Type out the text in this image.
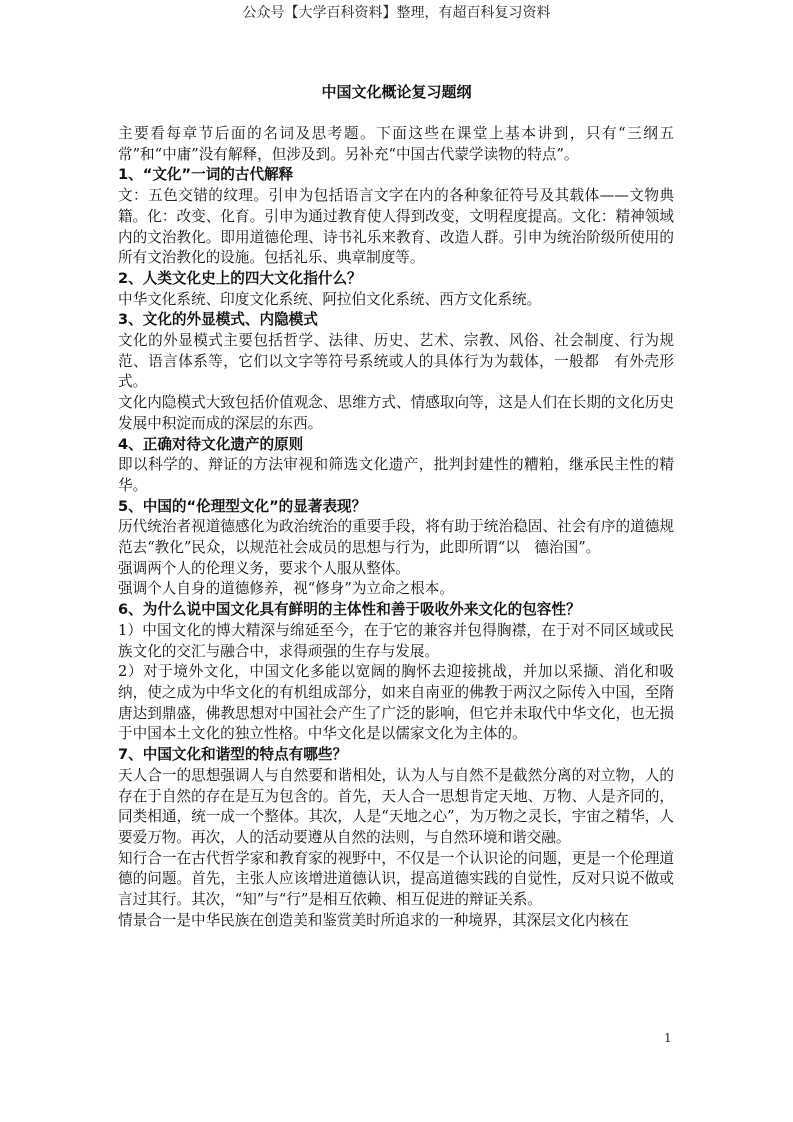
公众号【大学百科资料】整理，有超百科复习资料
中国文化概论复习题纲

主要看每章节后面的名词及思考题。下面这些在课堂上基本讲到，只有“三纲五常”和“中庸”没有解释，但涉及到。另补充“中国古代蒙学读物的特点”。

1、“文化”一词的古代解释

文：五色交错的纹理。引申为包括语言文字在内的各种象征符号及其载体——文物典籍。化：改变、化育。引申为通过教育使人得到改变，文明程度提高。文化：精神领域内的文治教化。即用道德伦理、诗书礼乐来教育、改造人群。引申为统治阶级所使用的所有文治教化的设施。包括礼乐、典章制度等。

2、人类文化史上的四大文化指什么？

中华文化系统、印度文化系统、阿拉伯文化系统、西方文化系统。

3、文化的外显模式、内隐模式

文化的外显模式主要包括哲学、法律、历史、艺术、宗教、风俗、社会制度、行为规范、语言体系等，它们以文字等符号系统或人的具体行为为载体，一般都　有外壳形式。

文化内隐模式大致包括价值观念、思维方式、情感取向等，这是人们在长期的文化历史发展中积淀而成的深层的东西。

4、正确对待文化遗产的原则

即以科学的、辩证的方法审视和筛选文化遗产，批判封建性的糟粕，继承民主性的精华。

5、中国的“伦理型文化”的显著表现？

历代统治者视道德感化为政治统治的重要手段，将有助于统治稳固、社会有序的道德规范去“教化”民众，以规范社会成员的思想与行为，此即所谓“以　德治国”。

强调两个人的伦理义务，要求个人服从整体。

强调个人自身的道德修养，视“修身”为立命之根本。

6、为什么说中国文化具有鲜明的主体性和善于吸收外来文化的包容性？

1）中国文化的博大精深与绵延至今，在于它的兼容并包得胸襟，在于对不同区域或民族文化的交汇与融合中，求得顽强的生存与发展。

2）对于境外文化，中国文化多能以宽阔的胸怀去迎接挑战，并加以采撷、消化和吸纳，使之成为中华文化的有机组成部分，如来自南亚的佛教于两汉之际传入中国，至隋唐达到鼎盛，佛教思想对中国社会产生了广泛的影响，但它并未取代中华文化，也无损于中国本土文化的独立性格。中华文化是以儒家文化为主体的。

7、中国文化和谐型的特点有哪些？

天人合一的思想强调人与自然要和谐相处，认为人与自然不是截然分离的对立物，人的存在于自然的存在是互为包含的。首先，天人合一思想肯定天地、万物、人是齐同的，同类相通，统一成一个整体。其次，人是“天地之心”，为万物之灵长，宇宙之精华，人要爱万物。再次，人的活动要遵从自然的法则，与自然环境和谐交融。

知行合一在古代哲学家和教育家的视野中，不仅是一个认识论的问题，更是一个伦理道德的问题。首先，主张人应该增进道德认识，提高道德实践的自觉性，反对只说不做或言过其行。其次，“知”与“行”是相互依赖、相互促进的辩证关系。

情景合一是中华民族在创造美和鉴赏美时所追求的一种境界，其深层文化内核在

1
